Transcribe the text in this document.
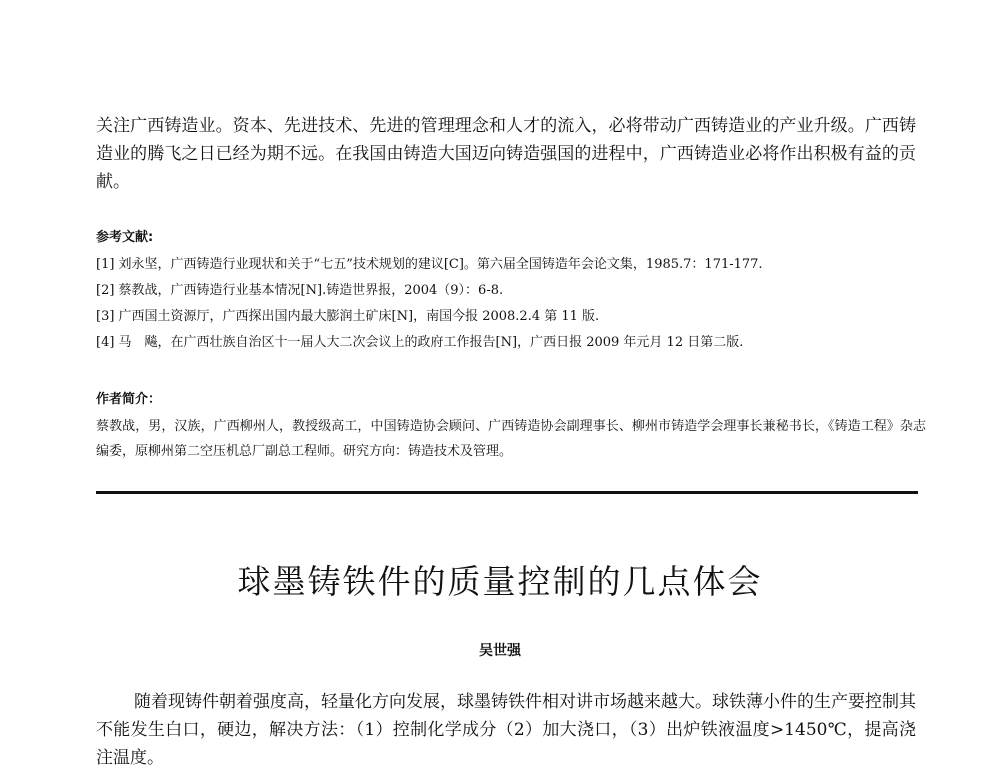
关注广西铸造业。资本、先进技术、先进的管理理念和人才的流入，必将带动广西铸造业的产业升级。广西铸造业的腾飞之日已经为期不远。在我国由铸造大国迈向铸造强国的进程中，广西铸造业必将作出积极有益的贡献。

参考文献:
[1] 刘永坚，广西铸造行业现状和关于“七五”技术规划的建议[C]。第六届全国铸造年会论文集，1985.7：171-177.
[2] 蔡教战，广西铸造行业基本情况[N].铸造世界报，2004（9）：6-8.
[3] 广西国土资源厅，广西探出国内最大膨润土矿床[N]，南国今报 2008.2.4 第 11 版.
[4] 马　飚，在广西壮族自治区十一届人大二次会议上的政府工作报告[N]，广西日报 2009 年元月 12 日第二版.
作者简介：

蔡教战，男，汉族，广西柳州人，教授级高工，中国铸造协会顾问、广西铸造协会副理事长、柳州市铸造学会理事长兼秘书长，《铸造工程》杂志编委，原柳州第二空压机总厂副总工程师。研究方向：铸造技术及管理。

球墨铸铁件的质量控制的几点体会

吴世强

随着现铸件朝着强度高，轻量化方向发展，球墨铸铁件相对讲市场越来越大。球铁薄小件的生产要控制其不能发生白口，硬边，解决方法：（1）控制化学成分（2）加大浇口，（3）出炉铁液温度>1450℃，提高浇注温度。
